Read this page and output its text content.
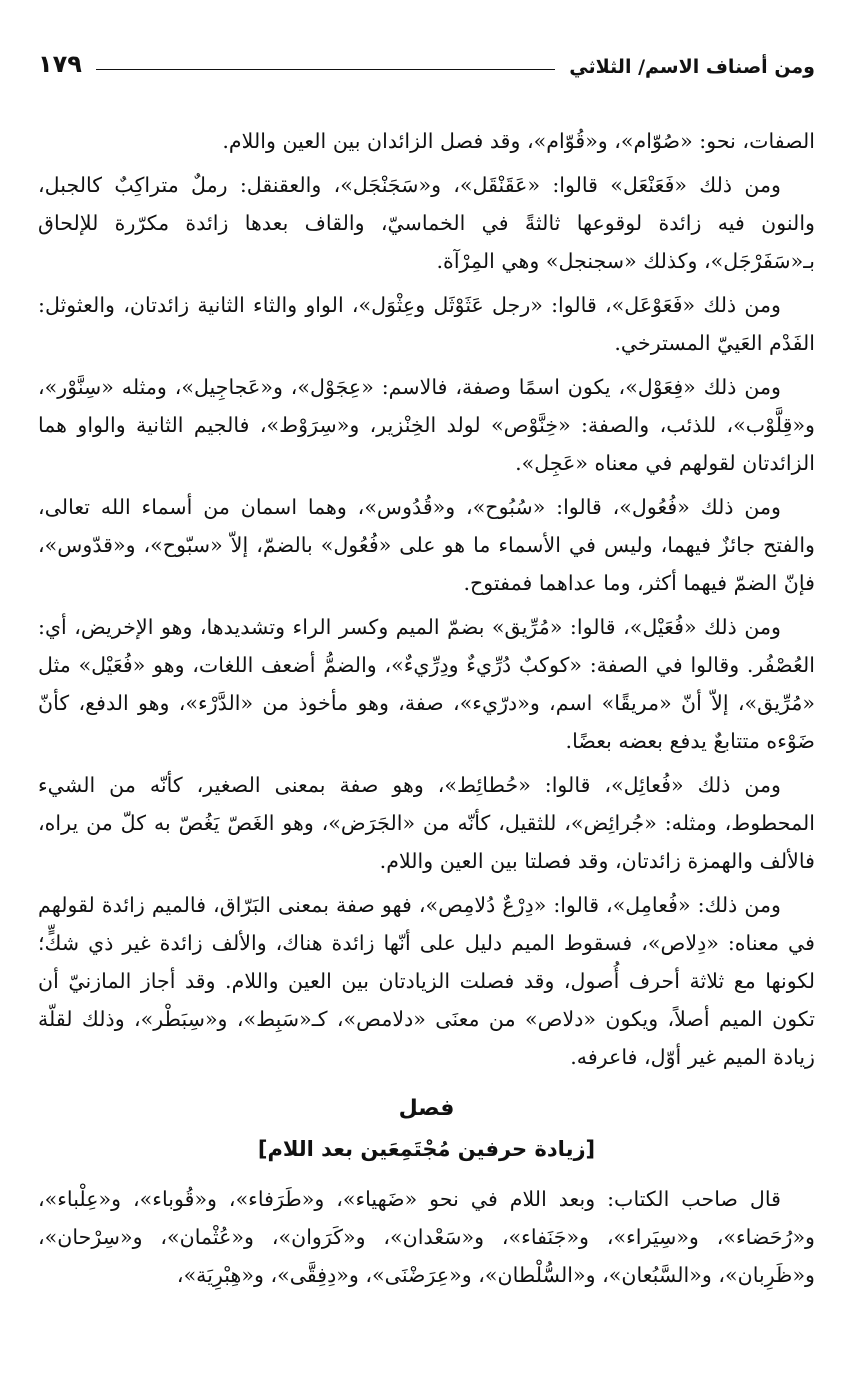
ومن أصناف الاسم/ الثلاثي
١٧٩

الصفات، نحو: «صُوّام»، و«قُوّام»، وقد فصل الزائدان بين العين واللام.

ومن ذلك «فَعَنْعَل» قالوا: «عَقَنْقَل»، و«سَجَنْجَل»، والعقنقل: رملٌ متراكِبٌ كالجبل، والنون فيه زائدة لوقوعها ثالثةً في الخماسيّ، والقاف بعدها زائدة مكرّرة للإلحاق بـ«سَفَرْجَل»، وكذلك «سجنجل» وهي المِرْآة.

ومن ذلك «فَعَوْعَل»، قالوا: «رجل عَثَوْثَل وعِثْوَل»، الواو والثاء الثانية زائدتان، والعثوثل: الفَدْم العَييّ المسترخي.

ومن ذلك «فِعَوْل»، يكون اسمًا وصفة، فالاسم: «عِجَوْل»، و«عَجاجِيل»، ومثله «سِنَّوْر»، و«قِلَّوْب»، للذئب، والصفة: «خِنَّوْص» لولد الخِنْزير، و«سِرَوْط»، فالجيم الثانية والواو هما الزائدتان لقولهم في معناه «عَجِل».

ومن ذلك «فُعُول»، قالوا: «سُبُوح»، و«قُدُوس»، وهما اسمان من أسماء الله تعالى، والفتح جائزٌ فيهما، وليس في الأسماء ما هو على «فُعُول» بالضمّ، إلاّ «سبّوح»، و«قدّوس»، فإنّ الضمّ فيهما أكثر، وما عداهما فمفتوح.

ومن ذلك «فُعَيْل»، قالوا: «مُرِّيق» بضمّ الميم وكسر الراء وتشديدها، وهو الإخريض، أي: العُصْفُر. وقالوا في الصفة: «كوكبٌ دُرِّيءٌ ودِرِّيءٌ»، والضمُّ أضعف اللغات، وهو «فُعَيْل» مثل «مُرِّيق»، إلاّ أنّ «مريقًا» اسم، و«درّيء»، صفة، وهو مأخوذ من «الدَّرْء»، وهو الدفع، كأنّ ضَوْءه متتابعٌ يدفع بعضه بعضًا.

ومن ذلك «فُعائِل»، قالوا: «حُطائِط»، وهو صفة بمعنى الصغير، كأنّه من الشيء المحطوط، ومثله: «جُرائِض»، للثقيل، كأنّه من «الجَرَض»، وهو الغَصّ يَغُصّ به كلّ من يراه، فالألف والهمزة زائدتان، وقد فصلتا بين العين واللام.

ومن ذلك: «فُعامِل»، قالوا: «دِرْعٌ دُلامِص»، فهو صفة بمعنى البَرّاق، فالميم زائدة لقولهم في معناه: «دِلاص»، فسقوط الميم دليل على أنّها زائدة هناك، والألف زائدة غير ذي شكٍّ؛ لكونها مع ثلاثة أحرف أُصول، وقد فصلت الزيادتان بين العين واللام. وقد أجاز المازنيّ أن تكون الميم أصلاً، ويكون «دلاص» من معنَى «دلامص»، كـ«سَبِط»، و«سِبَطْر»، وذلك لقلّة زيادة الميم غير أوّل، فاعرفه.

فصل
[زيادة حرفين مُجْتَمِعَين بعد اللام]

قال صاحب الكتاب: وبعد اللام في نحو «ضَهياء»، و«طَرَفاء»، و«قُوباء»، و«عِلْباء»، و«رُحَضاء»، و«سِيَراء»، و«جَنَفاء»، و«سَعْدان»، و«كَرَوان»، و«عُثْمان»، و«سِرْحان»، و«ظَرِبان»، و«السَّبُعان»، و«السُّلْطان»، و«عِرَضْنَى»، و«دِفِقَّى»، و«هِبْرِيَة»،
